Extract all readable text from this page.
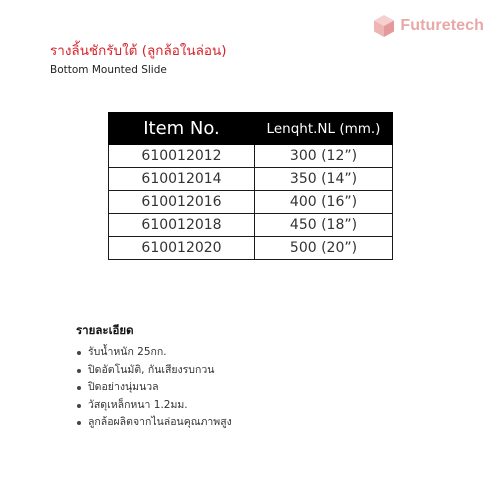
Futuretech
รางลิ้นชักรับใต้ (ลูกล้อในล่อน)

Bottom Mounted Slide

Item No.	Lenqht.NL (mm.)
610012012	300 (12”)
610012014	350 (14”)
610012016	400 (16”)
610012018	450 (18”)
610012020	500 (20”)
รายละเอียด
รับน้ำหนัก 25กก.
ปิดอัตโนมัติ, กันเสียงรบกวน
ปิดอย่างนุ่มนวล
วัสดุเหล็กหนา 1.2มม.
ลูกล้อผลิตจากไนล่อนคุณภาพสูง
